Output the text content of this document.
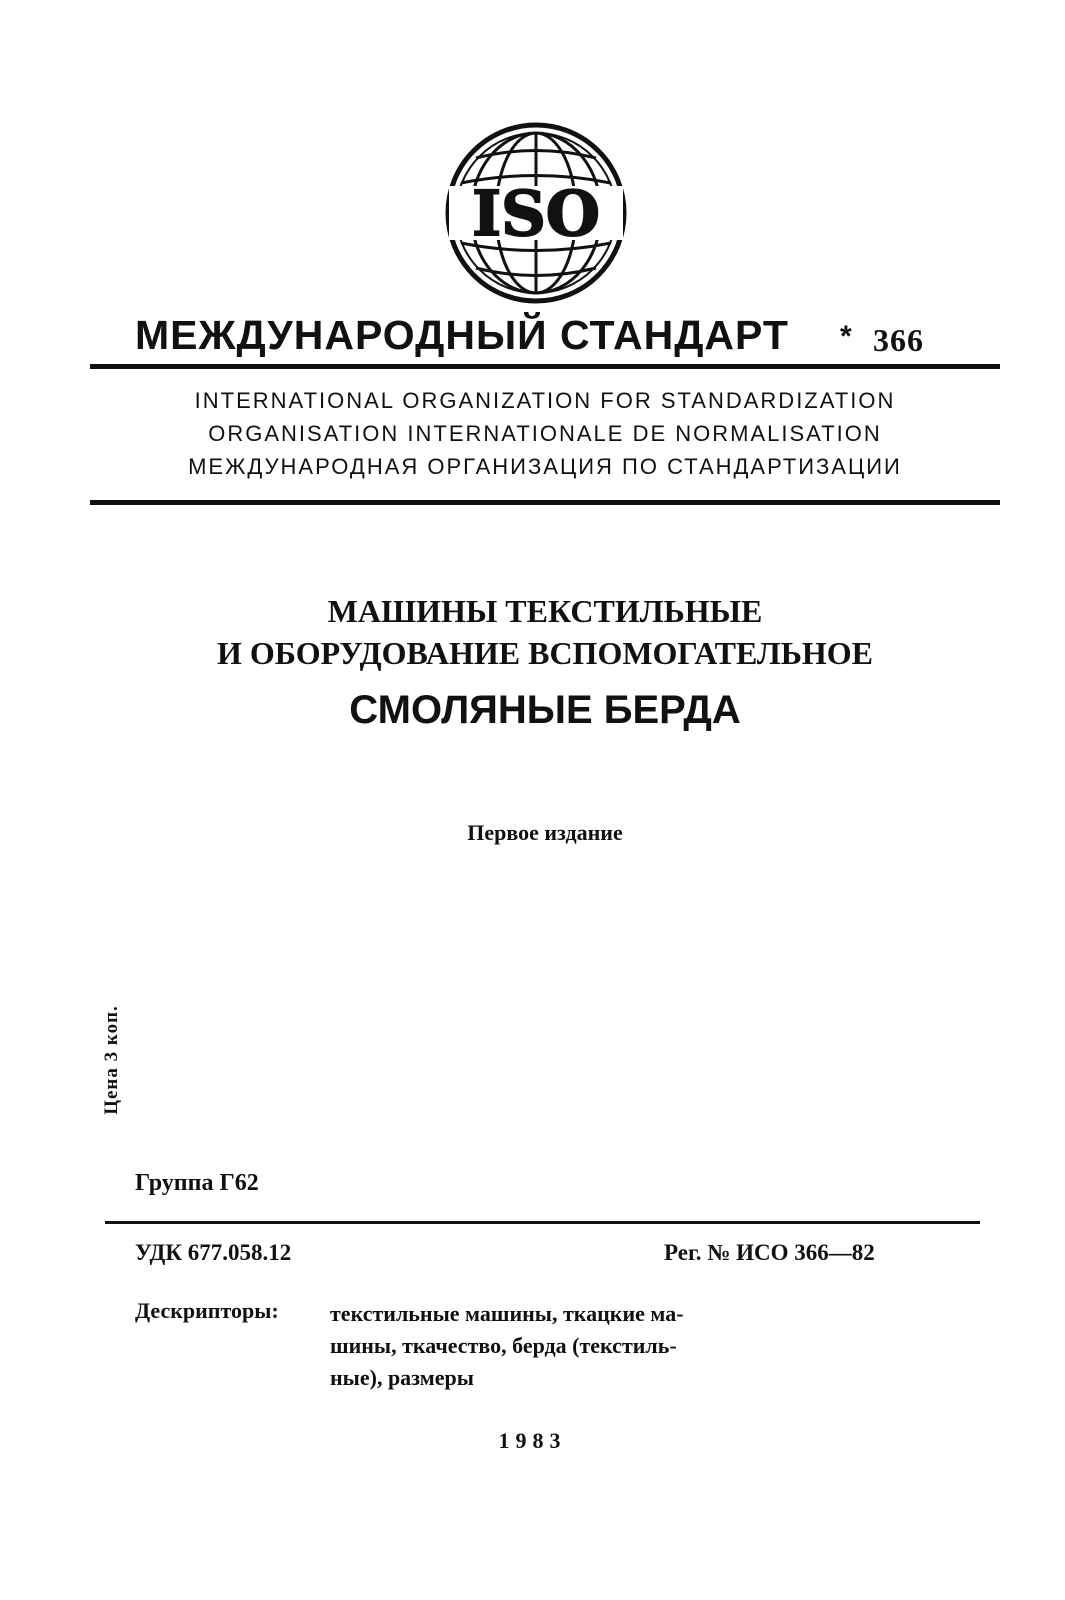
ISO
МЕЖДУНАРОДНЫЙ СТАНДАРТ * 366
INTERNATIONAL ORGANIZATION FOR STANDARDIZATION
ORGANISATION INTERNATIONALE DE NORMALISATION
МЕЖДУНАРОДНАЯ ОРГАНИЗАЦИЯ ПО СТАНДАРТИЗАЦИИ
МАШИНЫ ТЕКСТИЛЬНЫЕ
И ОБОРУДОВАНИЕ ВСПОМОГАТЕЛЬНОЕ
СМОЛЯНЫЕ БЕРДА
Первое издание
Цена 3 коп.
Группа Г62
УДК 677.058.12	Рег. № ИСО 366—82
Дескрипторы: текстильные машины, ткацкие ма-
шины, ткачество, берда (текстиль-
ные), размеры
1983
